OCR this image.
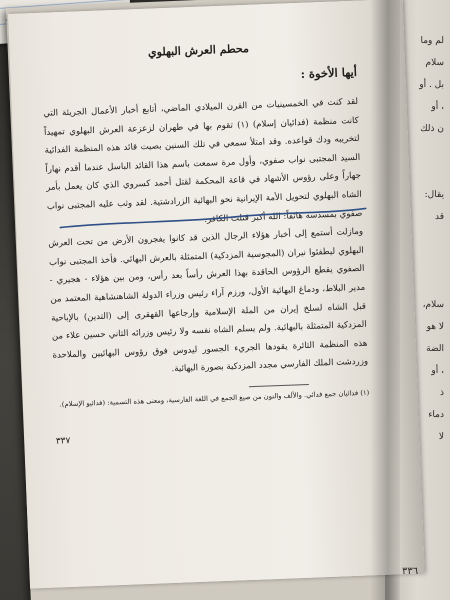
محطم العرش البهلوي
أيها الأخوة :

لقد كنت في الخمسينيات من القرن الميلادي الماضي، أتابع أخبار الأعمال الجريئة التي كانت منظمة (فدائيان إسلام) (١) تقوم بها في طهران لزعزعة العرش البهلوي تمهيداً لتخريبه ودك قواعده. وقد امتلأ سمعي في تلك السنين بصيت قائد هذه المنظمة الفدائية السيد المجتبى نواب صفوي، وأول مرة سمعت باسم هذا القائد الباسل عندما أقدم نهاراً جهاراً وعلى رؤوس الأشهاد في قاعة المحكمة لقتل أحمد كسروي الذي كان يعمل بأمر الشاه البهلوي لتحويل الأمة الإيرانية نحو البهائية الزرادشتية. لقد وثب عليه المجتبى نواب صفوي بمسدسه هاتفاً: الله أكبر قتلت الكافر.

ومازلت أستمع إلى أخبار هؤلاء الرجال الذين قد كانوا يفجرون الأرض من تحت العرش البهلوي ليطفئوا نيران (المجوسية المزدكية) المتمثلة بالعرش البهائي. فأخذ المجتبى نواب الصفوي يقطع الرؤوس الحاقدة بهذا العرش رأساً بعد رأس، ومن بين هؤلاء - هجيري - مدير البلاط، ودماغ البهائية الأول، ورزم آراء رئيس وزراء الدولة الشاهنشاهية المعتمد من قبل الشاه لسلخ إيران من الملة الإسلامية وإرجاعها القهقرى إلى (التدين) بالإباحية المزدكية المتمثلة بالبهائية. ولم يسلم الشاه نفسه ولا رئيس وزرائه الثاني حسين علاء من هذه المنظمة الثائرة يقودها الجريء الجسور ليدوس فوق رؤوس البهائيين والملاحدة وزردشت الملك الفارسي مجدد المزدكية بصورة البهائية.

(١) فدائيان جمع فدائي. والألف والنون من صيغ الجمع في اللغة الفارسية، ومعنى هذه التسمية: (فدائيو الإسلام).

٣٣٧
لم وما
سلام
بل . أو
، أو
ن ذلك
يقال:
قد
سلام،
لا هو
الضة
، أو
ذ
دماء
لا
٣٣٦
